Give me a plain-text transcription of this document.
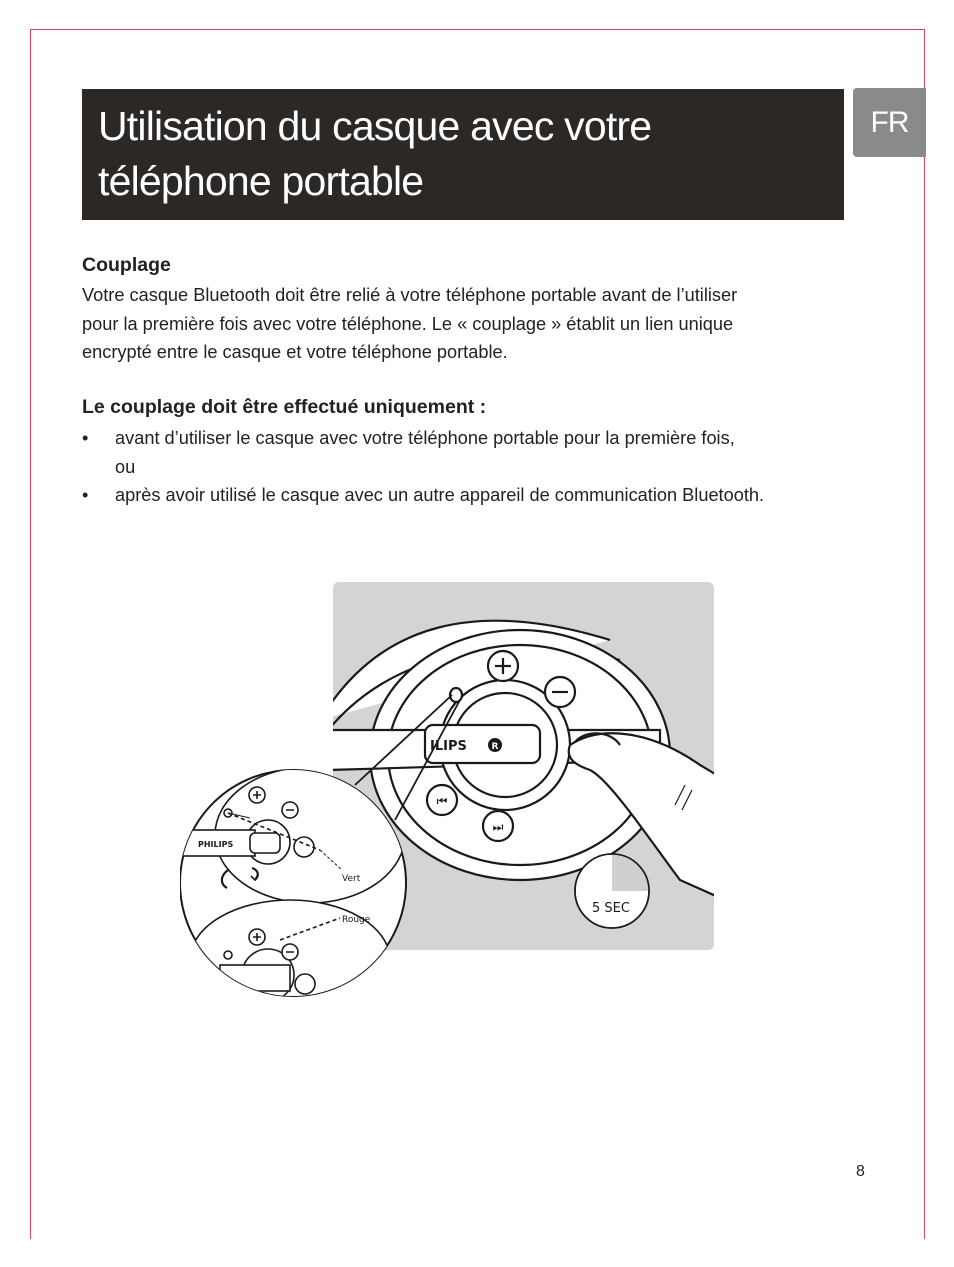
Utilisation du casque avec votre
téléphone portable
FR
Couplage
Votre casque Bluetooth doit être relié à votre téléphone portable avant de l’utiliser
pour la première fois avec votre téléphone. Le « couplage » établit un lien unique
encrypté entre le casque et votre téléphone portable.
Le couplage doit être effectué uniquement :
• avant d’utiliser le casque avec votre téléphone portable pour la première fois,
ou
• après avoir utilisé le casque avec un autre appareil de communication Bluetooth.
⏮
⏭
ILIPS	R
5 SEC
PHILIPS
Vert
Rouge
8
